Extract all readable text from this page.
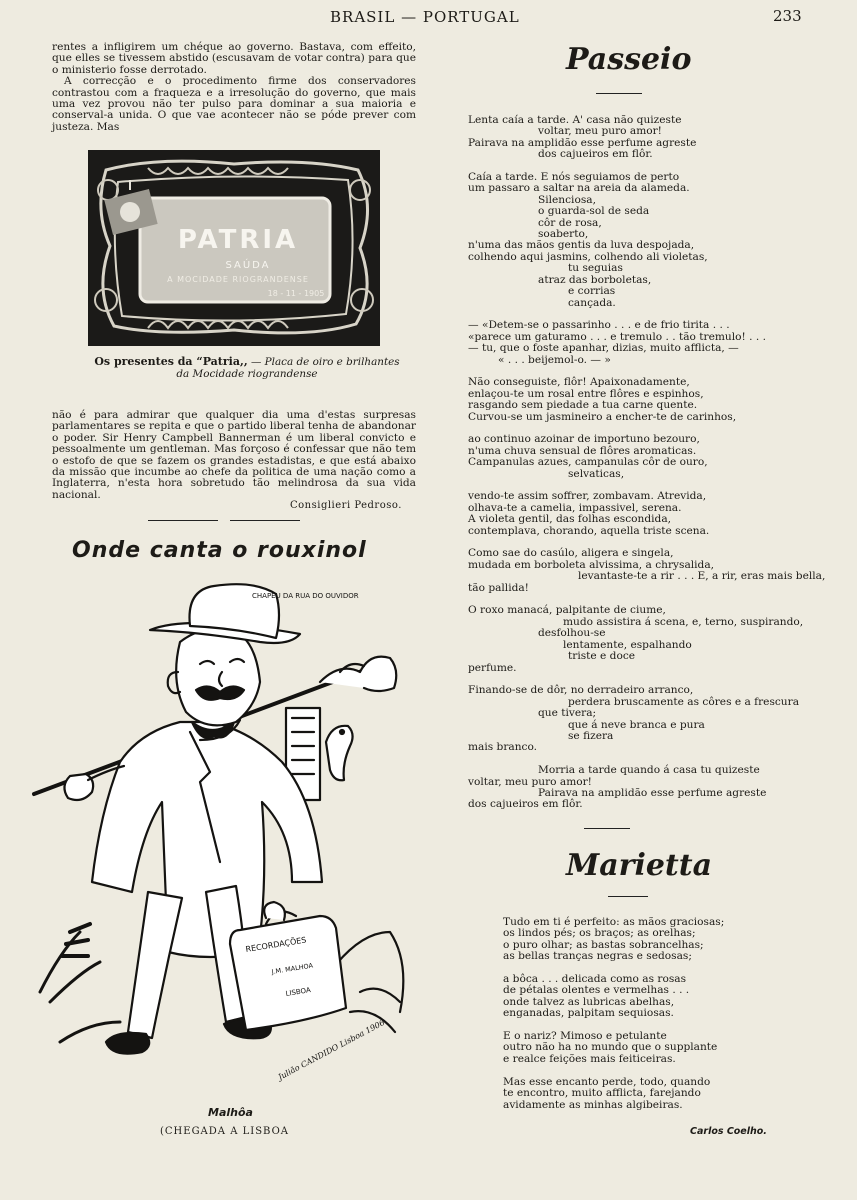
BRASIL — PORTUGAL	233

rentes a infligirem um chéque ao governo. Bastava, com effeito, que elles se tivessem abstido (escusavam de votar contra) para que o ministerio fosse derrotado.

A correcção e o procedimento firme dos conservadores contrastou com a fraqueza e a irresolução do governo, que mais uma vez provou não ter pulso para dominar a sua maioria e conserval-a unida. O que vae acontecer não se póde prever com justeza. Mas

PATRIA
SAÚDA
A MOCIDADE RIOGRANDENSE
18 - 11 - 1905
Os presentes da “Patria,, — Placa de oiro e brilhantes
da Mocidade riograndense

não é para admirar que qualquer dia uma d'estas surpresas parlamentares se repita e que o partido liberal tenha de abandonar o poder. Sir Henry Campbell Bannerman é um liberal convicto e pessoalmente um gentleman. Mas forçoso é confessar que não tem o estofo de que se fazem os grandes estadistas, e que está abaixo da missão que incumbe ao chefe da politica de uma nação como a Inglaterra, n'esta hora sobretudo tão melindrosa da sua vida nacional.

Consiglieri Pedroso.
Onde canta o rouxinol
CHAPEU DA RUA DO OUVIDOR
RECORDAÇÕES
J.M. MALHOA
LISBOA
Julião CANDIDO Lisboa 1906
Malhôa
(CHEGADA A LISBOA
Passeio
Lenta caía a tarde. A' casa não quizeste
voltar, meu puro amor!
Pairava na amplidão esse perfume agreste
dos cajueiros em flôr.

Caía a tarde. E nós seguiamos de perto
um passaro a saltar na areia da alameda.
Silenciosa,
o guarda-sol de seda
côr de rosa,
soaberto,
n'uma das mãos gentis da luva despojada,
colhendo aqui jasmins, colhendo ali violetas,
tu seguias
atraz das borboletas,
e corrias
cançada.

— «Detem-se o passarinho . . . e de frio tirita . . .
«parece um gaturamo . . . e tremulo . . tão tremulo! . . .
— tu, que o foste apanhar, dizias, muito afflicta, —
« . . . beijemol-o. — »

Não conseguiste, flôr! Apaixonadamente,
enlaçou-te um rosal entre flôres e espinhos,
rasgando sem piedade a tua carne quente.
Curvou-se um jasmineiro a encher-te de carinhos,

ao continuo azoinar de importuno bezouro,
n'uma chuva sensual de flôres aromaticas.
Campanulas azues, campanulas côr de ouro,
selvaticas,

vendo-te assim soffrer, zombavam. Atrevida,
olhava-te a camelia, impassivel, serena.
A violeta gentil, das folhas escondida,
contemplava, chorando, aquella triste scena.

Como sae do casúlo, aligera e singela,
mudada em borboleta alvissima, a chrysalida,
levantaste-te a rir . . . E, a rir, eras mais bella,
tão pallida!

O roxo manacá, palpitante de ciume,
mudo assistira á scena, e, terno, suspirando,
desfolhou-se
lentamente, espalhando
triste e doce
perfume.

Finando-se de dôr, no derradeiro arranco,
perdera bruscamente as côres e a frescura
que tivera;
que á neve branca e pura
se fizera
mais branco.

Morria a tarde quando á casa tu quizeste
voltar, meu puro amor!
Pairava na amplidão esse perfume agreste
dos cajueiros em flôr.
Marietta
Tudo em ti é perfeito: as mãos graciosas;
os lindos pés; os braços; as orelhas;
o puro olhar; as bastas sobrancelhas;
as bellas tranças negras e sedosas;

a bôca . . . delicada como as rosas
de pétalas olentes e vermelhas . . .
onde talvez as lubricas abelhas,
enganadas, palpitam sequiosas.

E o nariz? Mimoso e petulante
outro não ha no mundo que o supplante
e realce feições mais feiticeiras.

Mas esse encanto perde, todo, quando
te encontro, muito afflicta, farejando
avidamente as minhas algibeiras.
Carlos Coelho.
